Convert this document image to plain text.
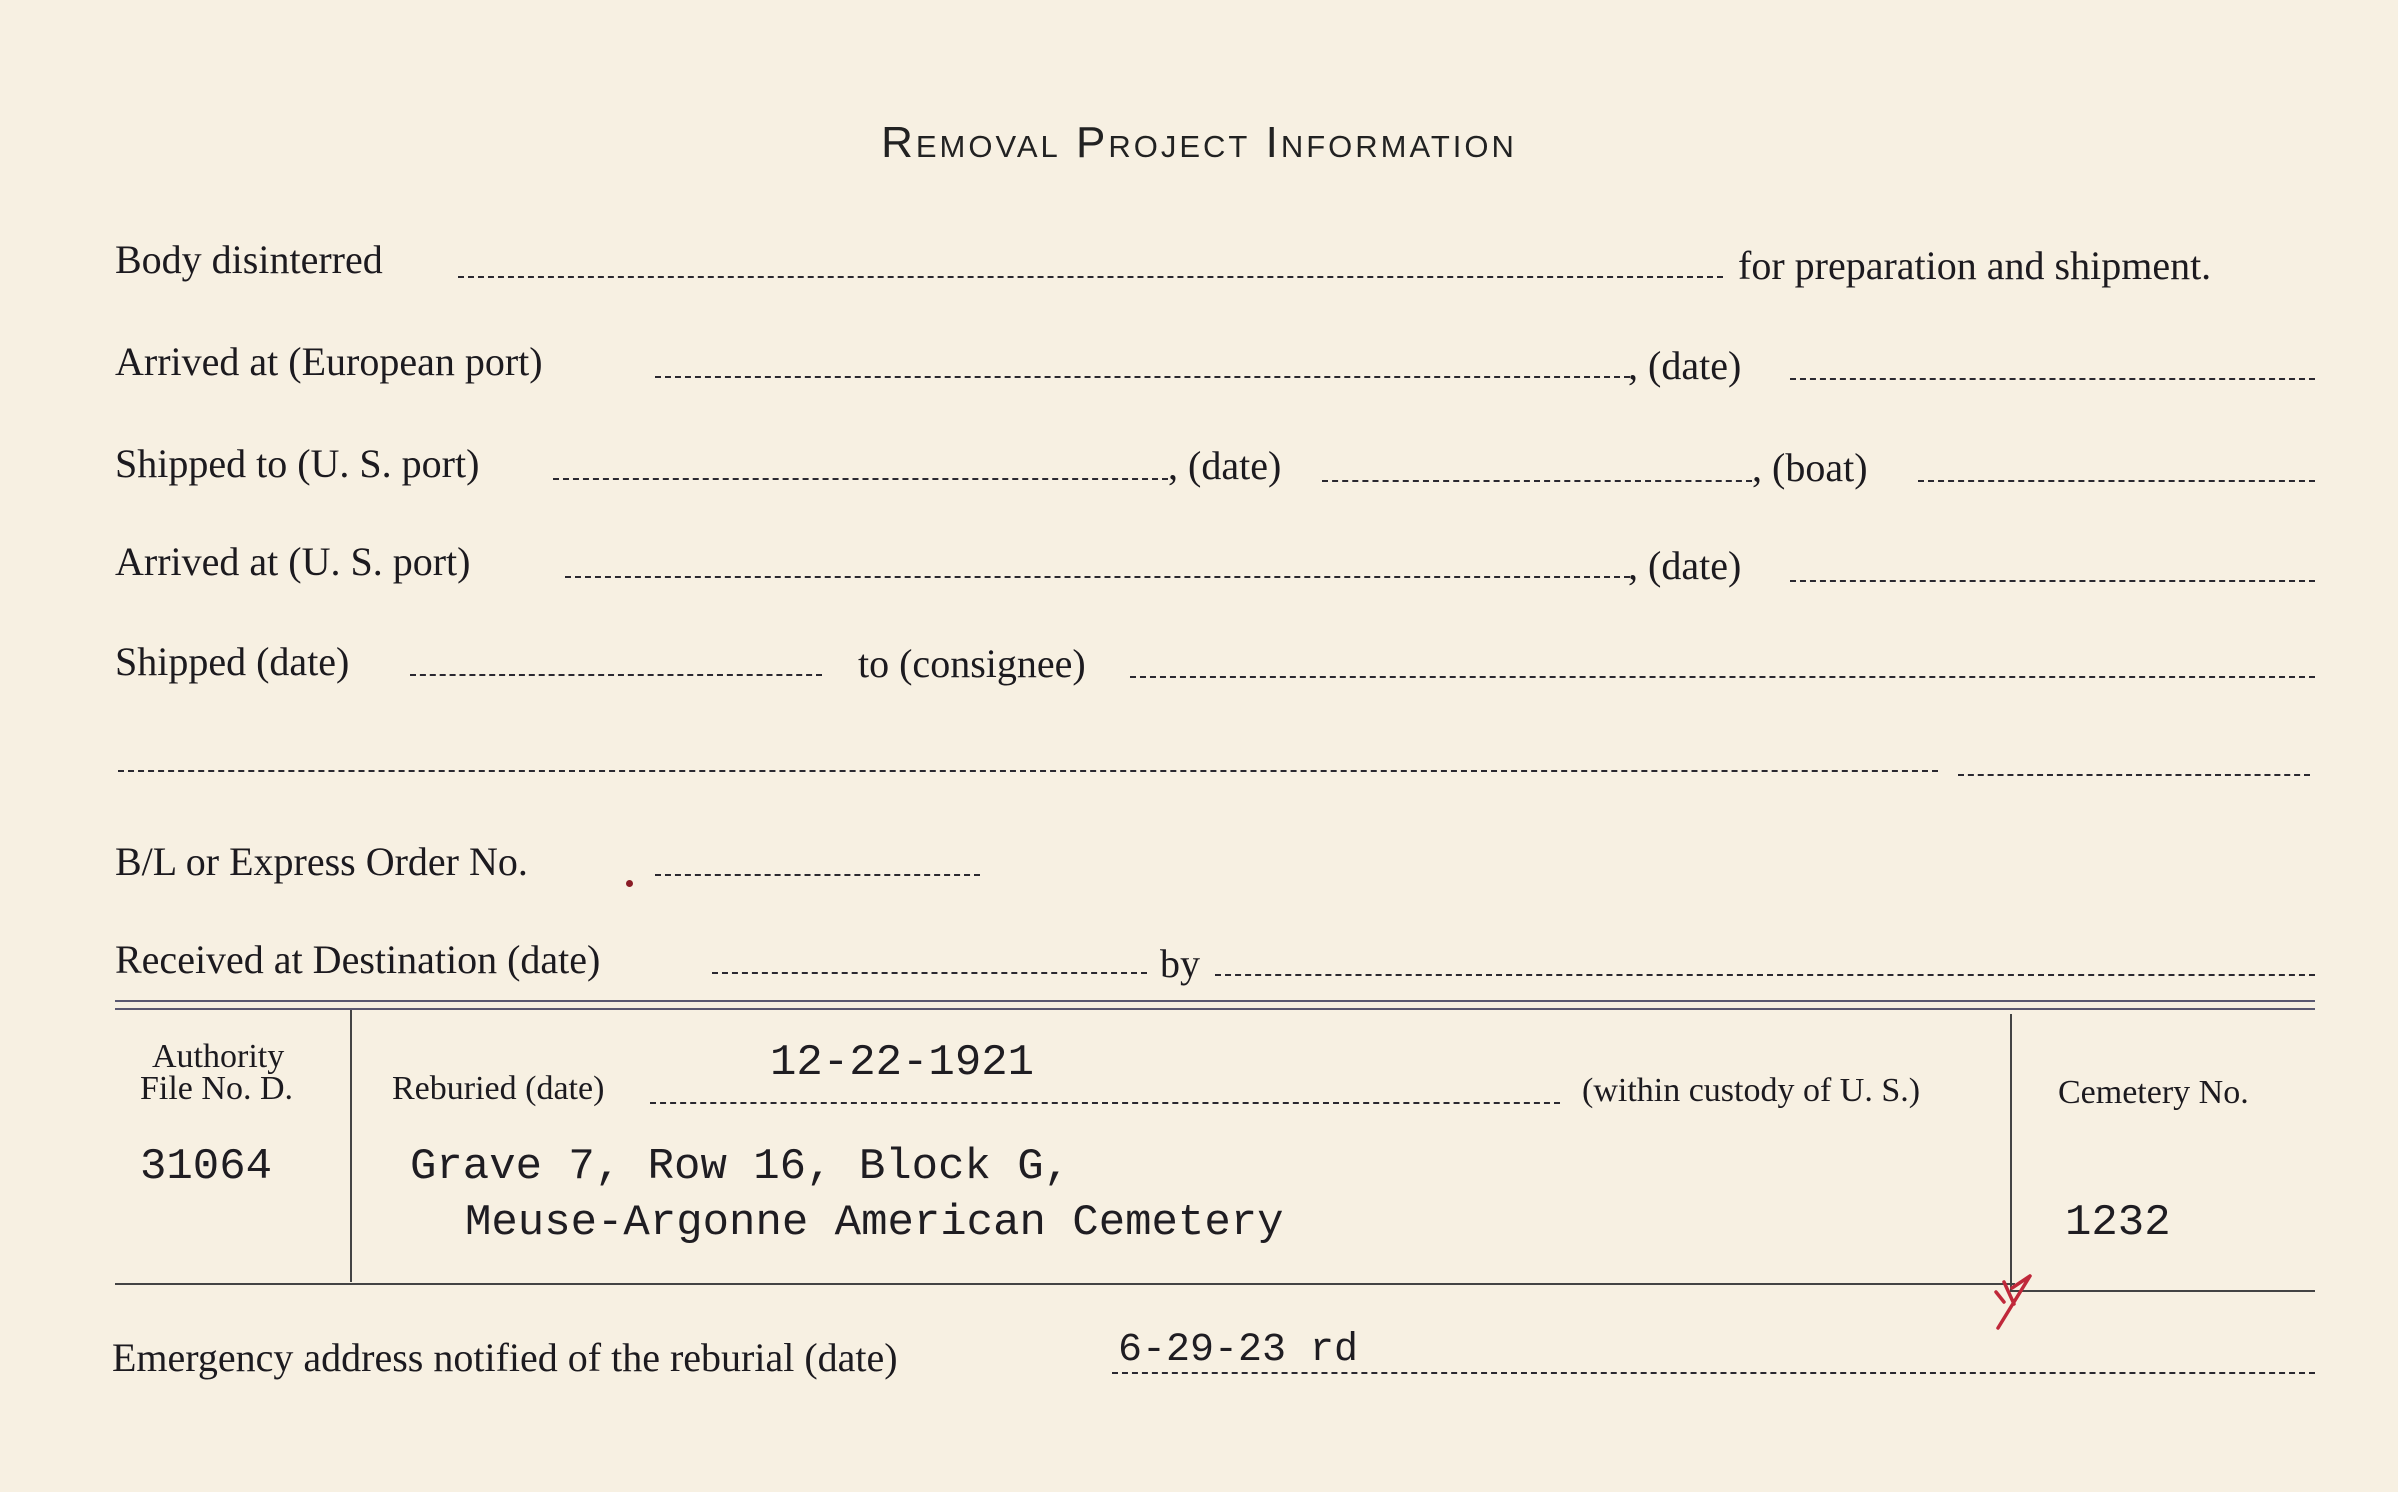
Removal Project Information
Body disinterred	for preparation and shipment.
Arrived at (European port)	, (date)
Shipped to (U. S. port)	, (date)	, (boat)
Arrived at (U. S. port)	, (date)
Shipped (date)	to (consignee)
B/L or Express Order No.
Received at Destination (date)	by
Authority
File No. D.
31064
Reburied (date)
12-22-1921
(within custody of U. S.)
Grave 7, Row 16, Block G,
Meuse-Argonne American Cemetery
Cemetery No.
1232
Emergency address notified of the reburial (date)	6-29-23 rd
